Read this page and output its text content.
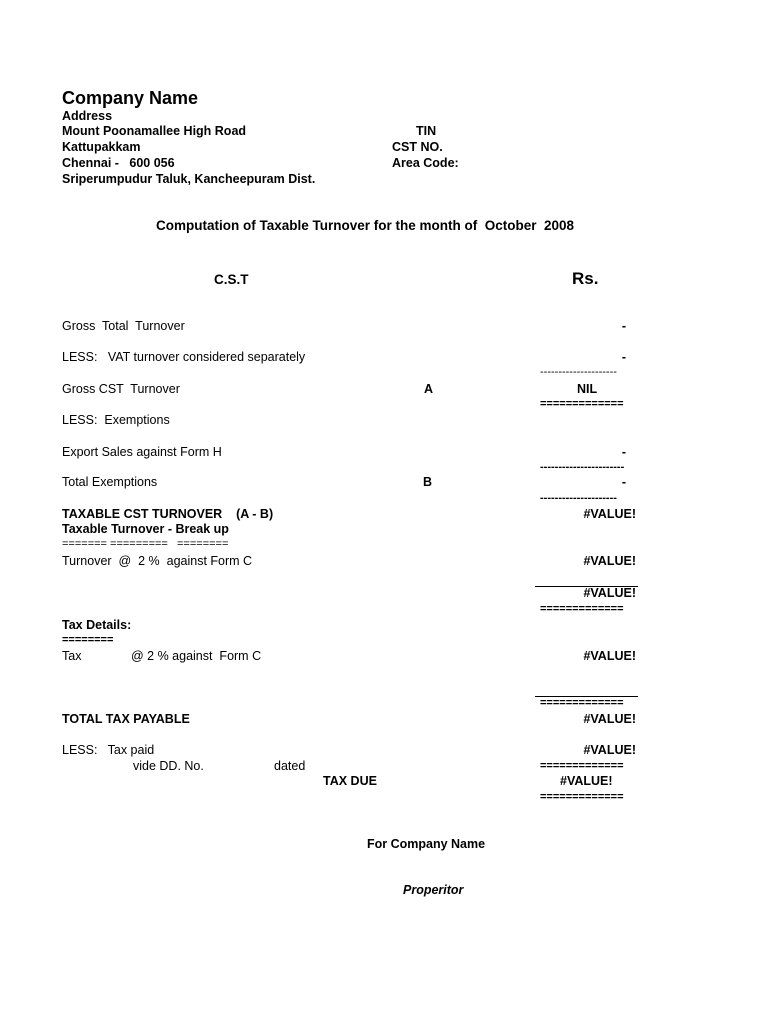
Company Name
Address
Mount Poonamallee High Road
Kattupakkam
Chennai -   600 056
Sriperumpudur Taluk, Kancheepuram Dist.
TIN
CST NO.
Area Code:
Computation of Taxable Turnover for the month of  October  2008
C.S.T	Rs.
Gross  Total  Turnover	-
LESS:   VAT turnover considered separately	-
---------------------
Gross CST  Turnover	A	NIL
=============
LESS:  Exemptions
Export Sales against Form H	-
-----------------------
Total Exemptions	B	-
---------------------
TAXABLE CST TURNOVER    (A - B)	#VALUE!
Taxable Turnover - Break up
======= =========   ========
Turnover  @  2 %  against Form C	#VALUE!
#VALUE!
=============
Tax Details:
========
Tax	@ 2 % against  Form C	#VALUE!
=============
TOTAL TAX PAYABLE	#VALUE!
LESS:   Tax paid	#VALUE!
vide DD. No.	dated	=============
TAX DUE	#VALUE!
=============
For Company Name
Properitor
